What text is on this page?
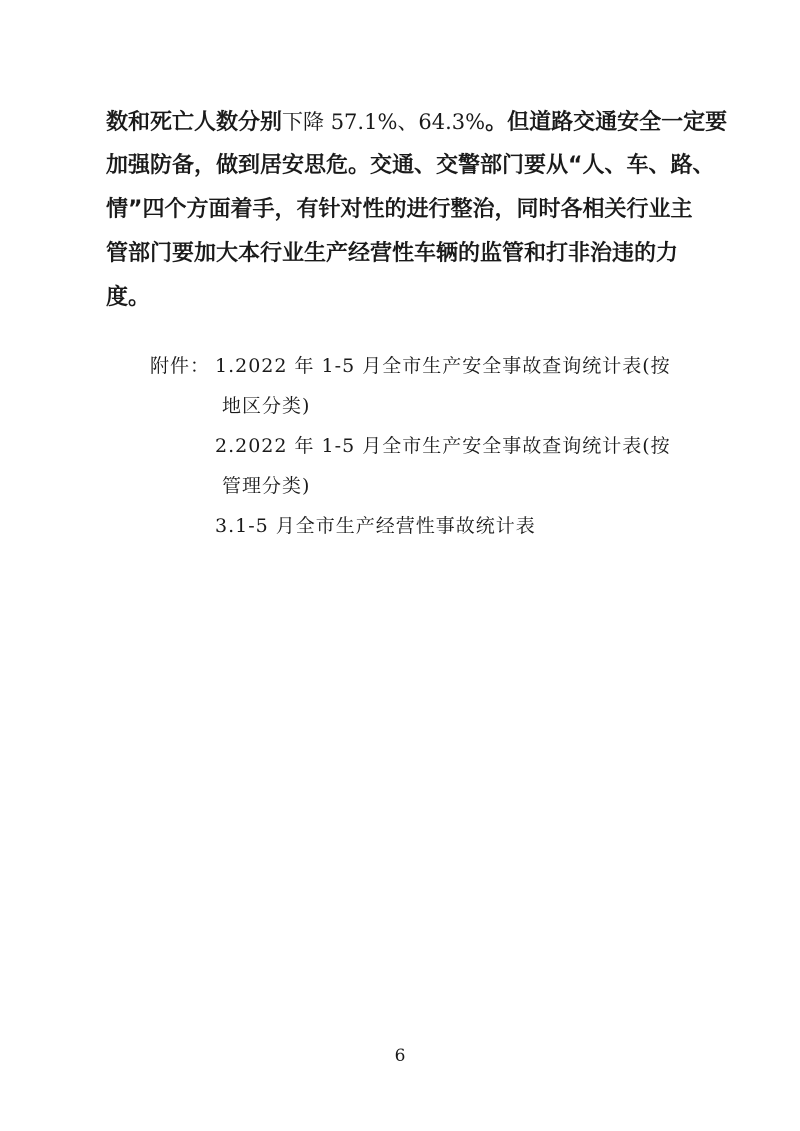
数和死亡人数分别下降 57.1%、64.3%。但道路交通安全一定要
加强防备，做到居安思危。交通、交警部门要从“人、车、路、
情”四个方面着手，有针对性的进行整治，同时各相关行业主
管部门要加大本行业生产经营性车辆的监管和打非治违的力
度。
附件： 1.2022 年 1-5 月全市生产安全事故查询统计表(按
地区分类)
2.2022 年 1-5 月全市生产安全事故查询统计表(按
管理分类)
3.1-5 月全市生产经营性事故统计表
6
